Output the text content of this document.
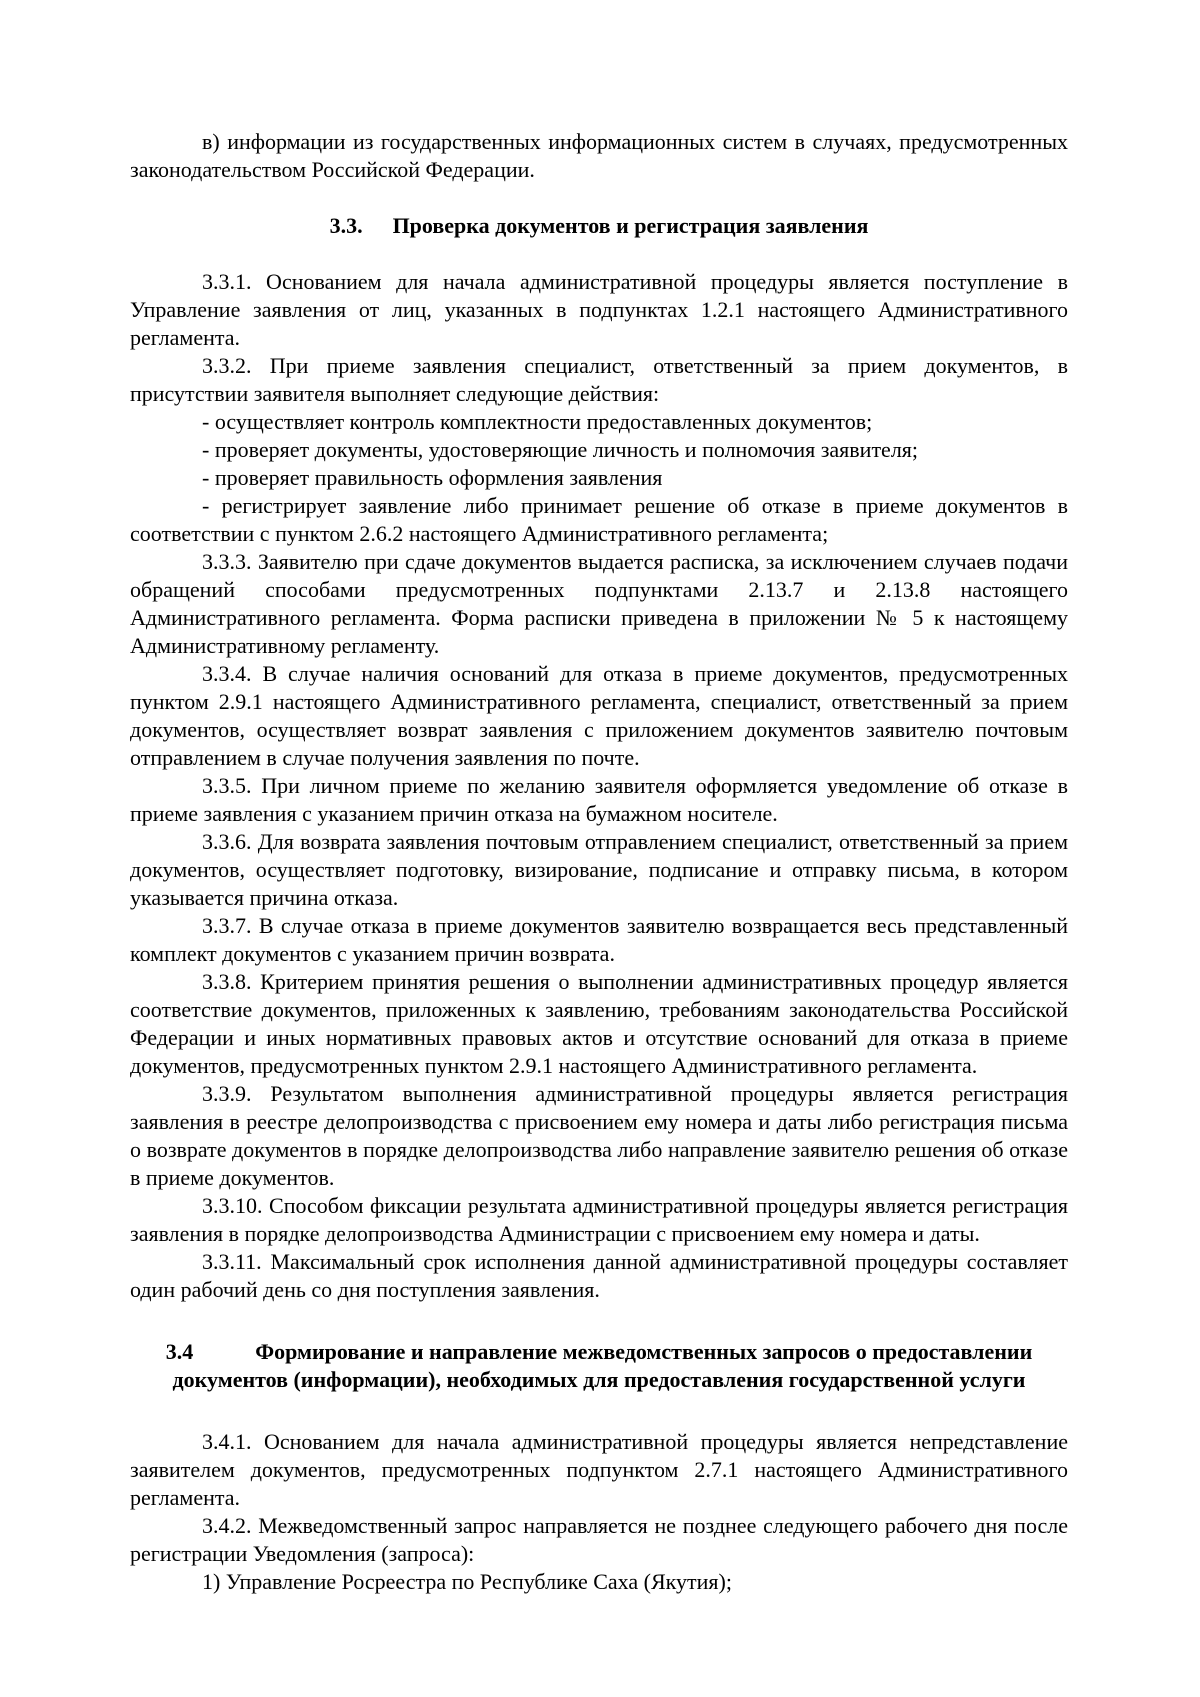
в) информации из государственных информационных систем в случаях, предусмотренных законодательством Российской Федерации.

3.3. Проверка документов и регистрация заявления

3.3.1. Основанием для начала административной процедуры является поступление в Управление заявления от лиц, указанных в подпунктах 1.2.1 настоящего Административного регламента.

3.3.2. При приеме заявления специалист, ответственный за прием документов, в присутствии заявителя выполняет следующие действия:

- осуществляет контроль комплектности предоставленных документов;

- проверяет документы, удостоверяющие личность и полномочия заявителя;

- проверяет правильность оформления заявления

- регистрирует заявление либо принимает решение об отказе в приеме документов в соответствии с пунктом 2.6.2 настоящего Административного регламента;

3.3.3. Заявителю при сдаче документов выдается расписка, за исключением случаев подачи обращений способами предусмотренных подпунктами 2.13.7 и 2.13.8 настоящего Административного регламента. Форма расписки приведена в приложении № 5 к настоящему Административному регламенту.

3.3.4. В случае наличия оснований для отказа в приеме документов, предусмотренных пунктом 2.9.1 настоящего Административного регламента, специалист, ответственный за прием документов, осуществляет возврат заявления с приложением документов заявителю почтовым отправлением в случае получения заявления по почте.

3.3.5. При личном приеме по желанию заявителя оформляется уведомление об отказе в приеме заявления с указанием причин отказа на бумажном носителе.

3.3.6. Для возврата заявления почтовым отправлением специалист, ответственный за прием документов, осуществляет подготовку, визирование, подписание и отправку письма, в котором указывается причина отказа.

3.3.7. В случае отказа в приеме документов заявителю возвращается весь представленный комплект документов с указанием причин возврата.

3.3.8. Критерием принятия решения о выполнении административных процедур является соответствие документов, приложенных к заявлению, требованиям законодательства Российской Федерации и иных нормативных правовых актов и отсутствие оснований для отказа в приеме документов, предусмотренных пунктом 2.9.1 настоящего Административного регламента.

3.3.9. Результатом выполнения административной процедуры является регистрация заявления в реестре делопроизводства с присвоением ему номера и даты либо регистрация письма о возврате документов в порядке делопроизводства либо направление заявителю решения об отказе в приеме документов.

3.3.10. Способом фиксации результата административной процедуры является регистрация заявления в порядке делопроизводства Администрации с присвоением ему номера и даты.

3.3.11. Максимальный срок исполнения данной административной процедуры составляет один рабочий день со дня поступления заявления.

3.4	Формирование и направление межведомственных запросов о предоставлении
документов (информации), необходимых для предоставления государственной услуги

3.4.1. Основанием для начала административной процедуры является непредставление заявителем документов, предусмотренных подпунктом 2.7.1 настоящего Административного регламента.

3.4.2. Межведомственный запрос направляется не позднее следующего рабочего дня после регистрации Уведомления (запроса):

1) Управление Росреестра по Республике Саха (Якутия);
